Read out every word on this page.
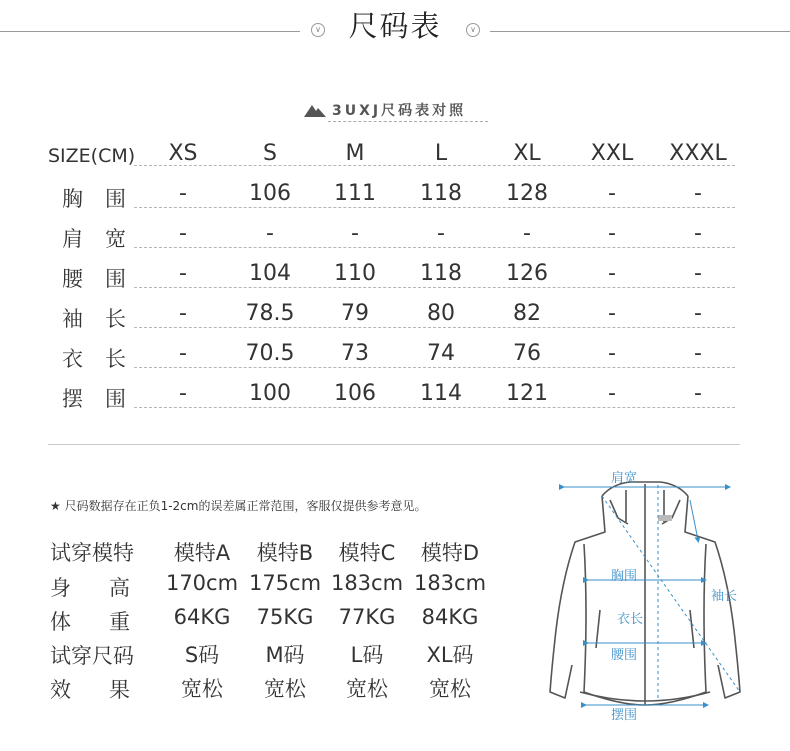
∨ 尺码表	∨
3UXJ尺码表对照
SIZE(CM)	XS	S	M	L	XL	XXL	XXXL
胸 围	-	106	111	118	128	-	-
肩 宽	-	-	-	-	-	-	-
腰 围	-	104	110	118	126	-	-
袖 长	-	78.5	79	80	82	-	-
衣 长	-	70.5	73	74	76	-	-
摆 围	-	100	106	114	121	-	-
★ 尺码数据存在正负1-2cm的误差属正常范围，客服仅提供参考意见。
试穿模特	模特A	模特B	模特C	模特D
身 高 170cm 175cm 183cm 183cm
体 重	64KG	75KG	77KG	84KG
试穿尺码	S码	M码	L码	XL码
效 果	宽松	宽松	宽松	宽松
肩宽
胸围
衣长
腰围
摆围
袖长
